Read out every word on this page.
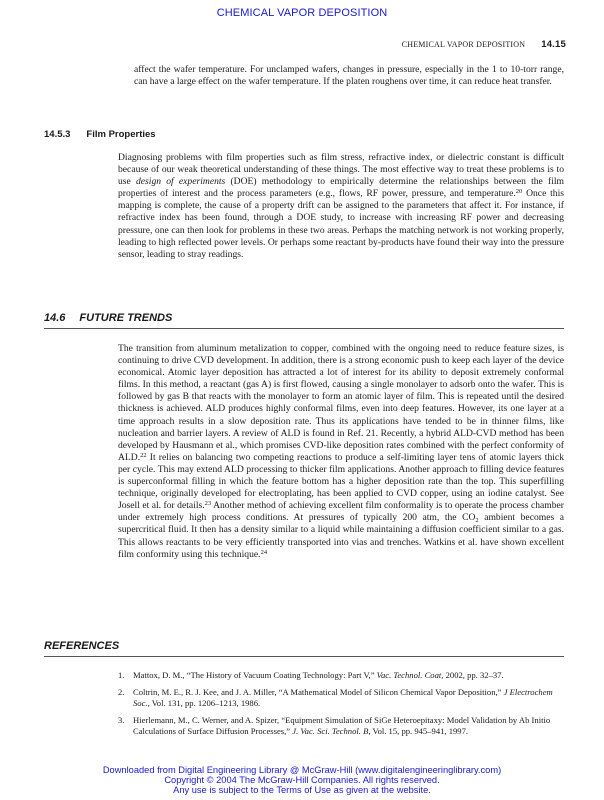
CHEMICAL VAPOR DEPOSITION
CHEMICAL VAPOR DEPOSITION 14.15

affect the wafer temperature. For unclamped wafers, changes in pressure, especially in the 1 to 10-torr range, can have a large effect on the wafer temperature. If the platen roughens over time, it can reduce heat transfer.

14.5.3 Film Properties

Diagnosing problems with film properties such as film stress, refractive index, or dielectric constant is difficult because of our weak theoretical understanding of these things. The most effective way to treat these problems is to use design of experiments (DOE) methodology to empirically determine the relationships between the film properties of interest and the process parameters (e.g., flows, RF power, pressure, and temperature.$^{20}$ Once this mapping is complete, the cause of a property drift can be assigned to the parameters that affect it. For instance, if refractive index has been found, through a DOE study, to increase with increasing RF power and decreasing pressure, one can then look for problems in these two areas. Perhaps the matching network is not working properly, leading to high reflected power levels. Or perhaps some reactant by-products have found their way into the pressure sensor, leading to stray readings.

14.6 FUTURE TRENDS

The transition from aluminum metalization to copper, combined with the ongoing need to reduce feature sizes, is continuing to drive CVD development. In addition, there is a strong economic push to keep each layer of the device economical. Atomic layer deposition has attracted a lot of interest for its ability to deposit extremely conformal films. In this method, a reactant (gas A) is first flowed, causing a single monolayer to adsorb onto the wafer. This is followed by gas B that reacts with the monolayer to form an atomic layer of film. This is repeated until the desired thickness is achieved. ALD produces highly conformal films, even into deep features. However, its one layer at a time approach results in a slow deposition rate. Thus its applications have tended to be in thinner films, like nucleation and barrier layers. A review of ALD is found in Ref. 21. Recently, a hybrid ALD-CVD method has been developed by Hausmann et al., which promises CVD-like deposition rates combined with the perfect conformity of ALD.$^{22}$ It relies on balancing two competing reactions to produce a self-limiting layer tens of atomic layers thick per cycle. This may extend ALD processing to thicker film applications. Another approach to filling device features is superconformal filling in which the feature bottom has a higher deposition rate than the top. This superfilling technique, originally developed for electroplating, has been applied to CVD copper, using an iodine catalyst. See Josell et al. for details.$^{23}$ Another method of achieving excellent film conformality is to operate the process chamber under extremely high process conditions. At pressures of typically 200 atm, the $CO_2$ ambient becomes a supercritical fluid. It then has a density similar to a liquid while maintaining a diffusion coefficient similar to a gas. This allows reactants to be very efficiently transported into vias and trenches. Watkins et al. have shown excellent film conformity using this technique.$^{24}$

REFERENCES
1. Mattox, D. M., “The History of Vacuum Coating Technology: Part V,” Vac. Technol. Coat, 2002, pp. 32–37.
2. Coltrin, M. E., R. J. Kee, and J. A. Miller, “A Mathematical Model of Silicon Chemical Vapor Deposition,” J Electrochem Soc., Vol. 131, pp. 1206–1213, 1986.
3. Hierlemann, M., C. Werner, and A. Spizer, “Equipment Simulation of SiGe Heteroepitaxy: Model Validation by Ab Initio Calculations of Surface Diffusion Processes,” J. Vac. Sci. Technol. B, Vol. 15, pp. 945–941, 1997.
Downloaded from Digital Engineering Library @ McGraw-Hill (www.digitalengineeringlibrary.com)
Copyright © 2004 The McGraw-Hill Companies. All rights reserved.
Any use is subject to the Terms of Use as given at the website.
